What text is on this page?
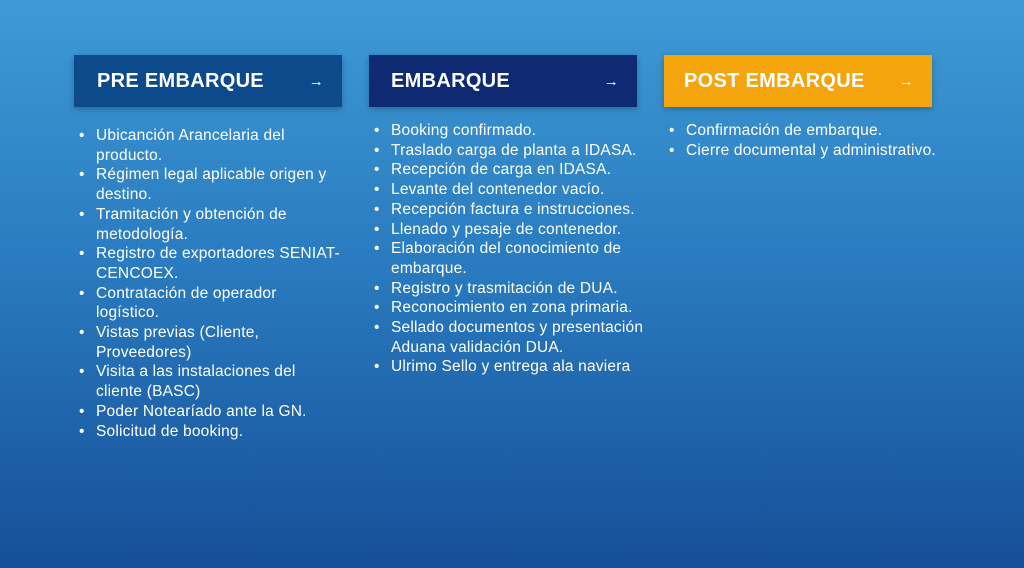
PRE EMBARQUE	→
• Ubicanción Arancelaria del producto.
• Régimen legal aplicable origen y destino.
• Tramitación y obtención de metodología.
• Registro de exportadores SENIAT-CENCOEX.
• Contratación de operador logístico.
• Vistas previas (Cliente, Proveedores)
• Visita a las instalaciones del cliente (BASC)
• Poder Notearíado ante la GN.
• Solicitud de booking.
EMBARQUE	→
• Booking confirmado.
• Traslado carga de planta a IDASA.
• Recepción de carga en IDASA.
• Levante del contenedor vacío.
• Recepción factura e instrucciones.
• Llenado y pesaje de contenedor.
• Elaboración del conocimiento de embarque.
• Registro y trasmitación de DUA.
• Reconocimiento en zona primaria.
• Sellado documentos y presentación Aduana validación DUA.
• Ulrimo Sello y entrega ala naviera
POST EMBARQUE →
• Confirmación de embarque.
• Cierre documental y administrativo.
